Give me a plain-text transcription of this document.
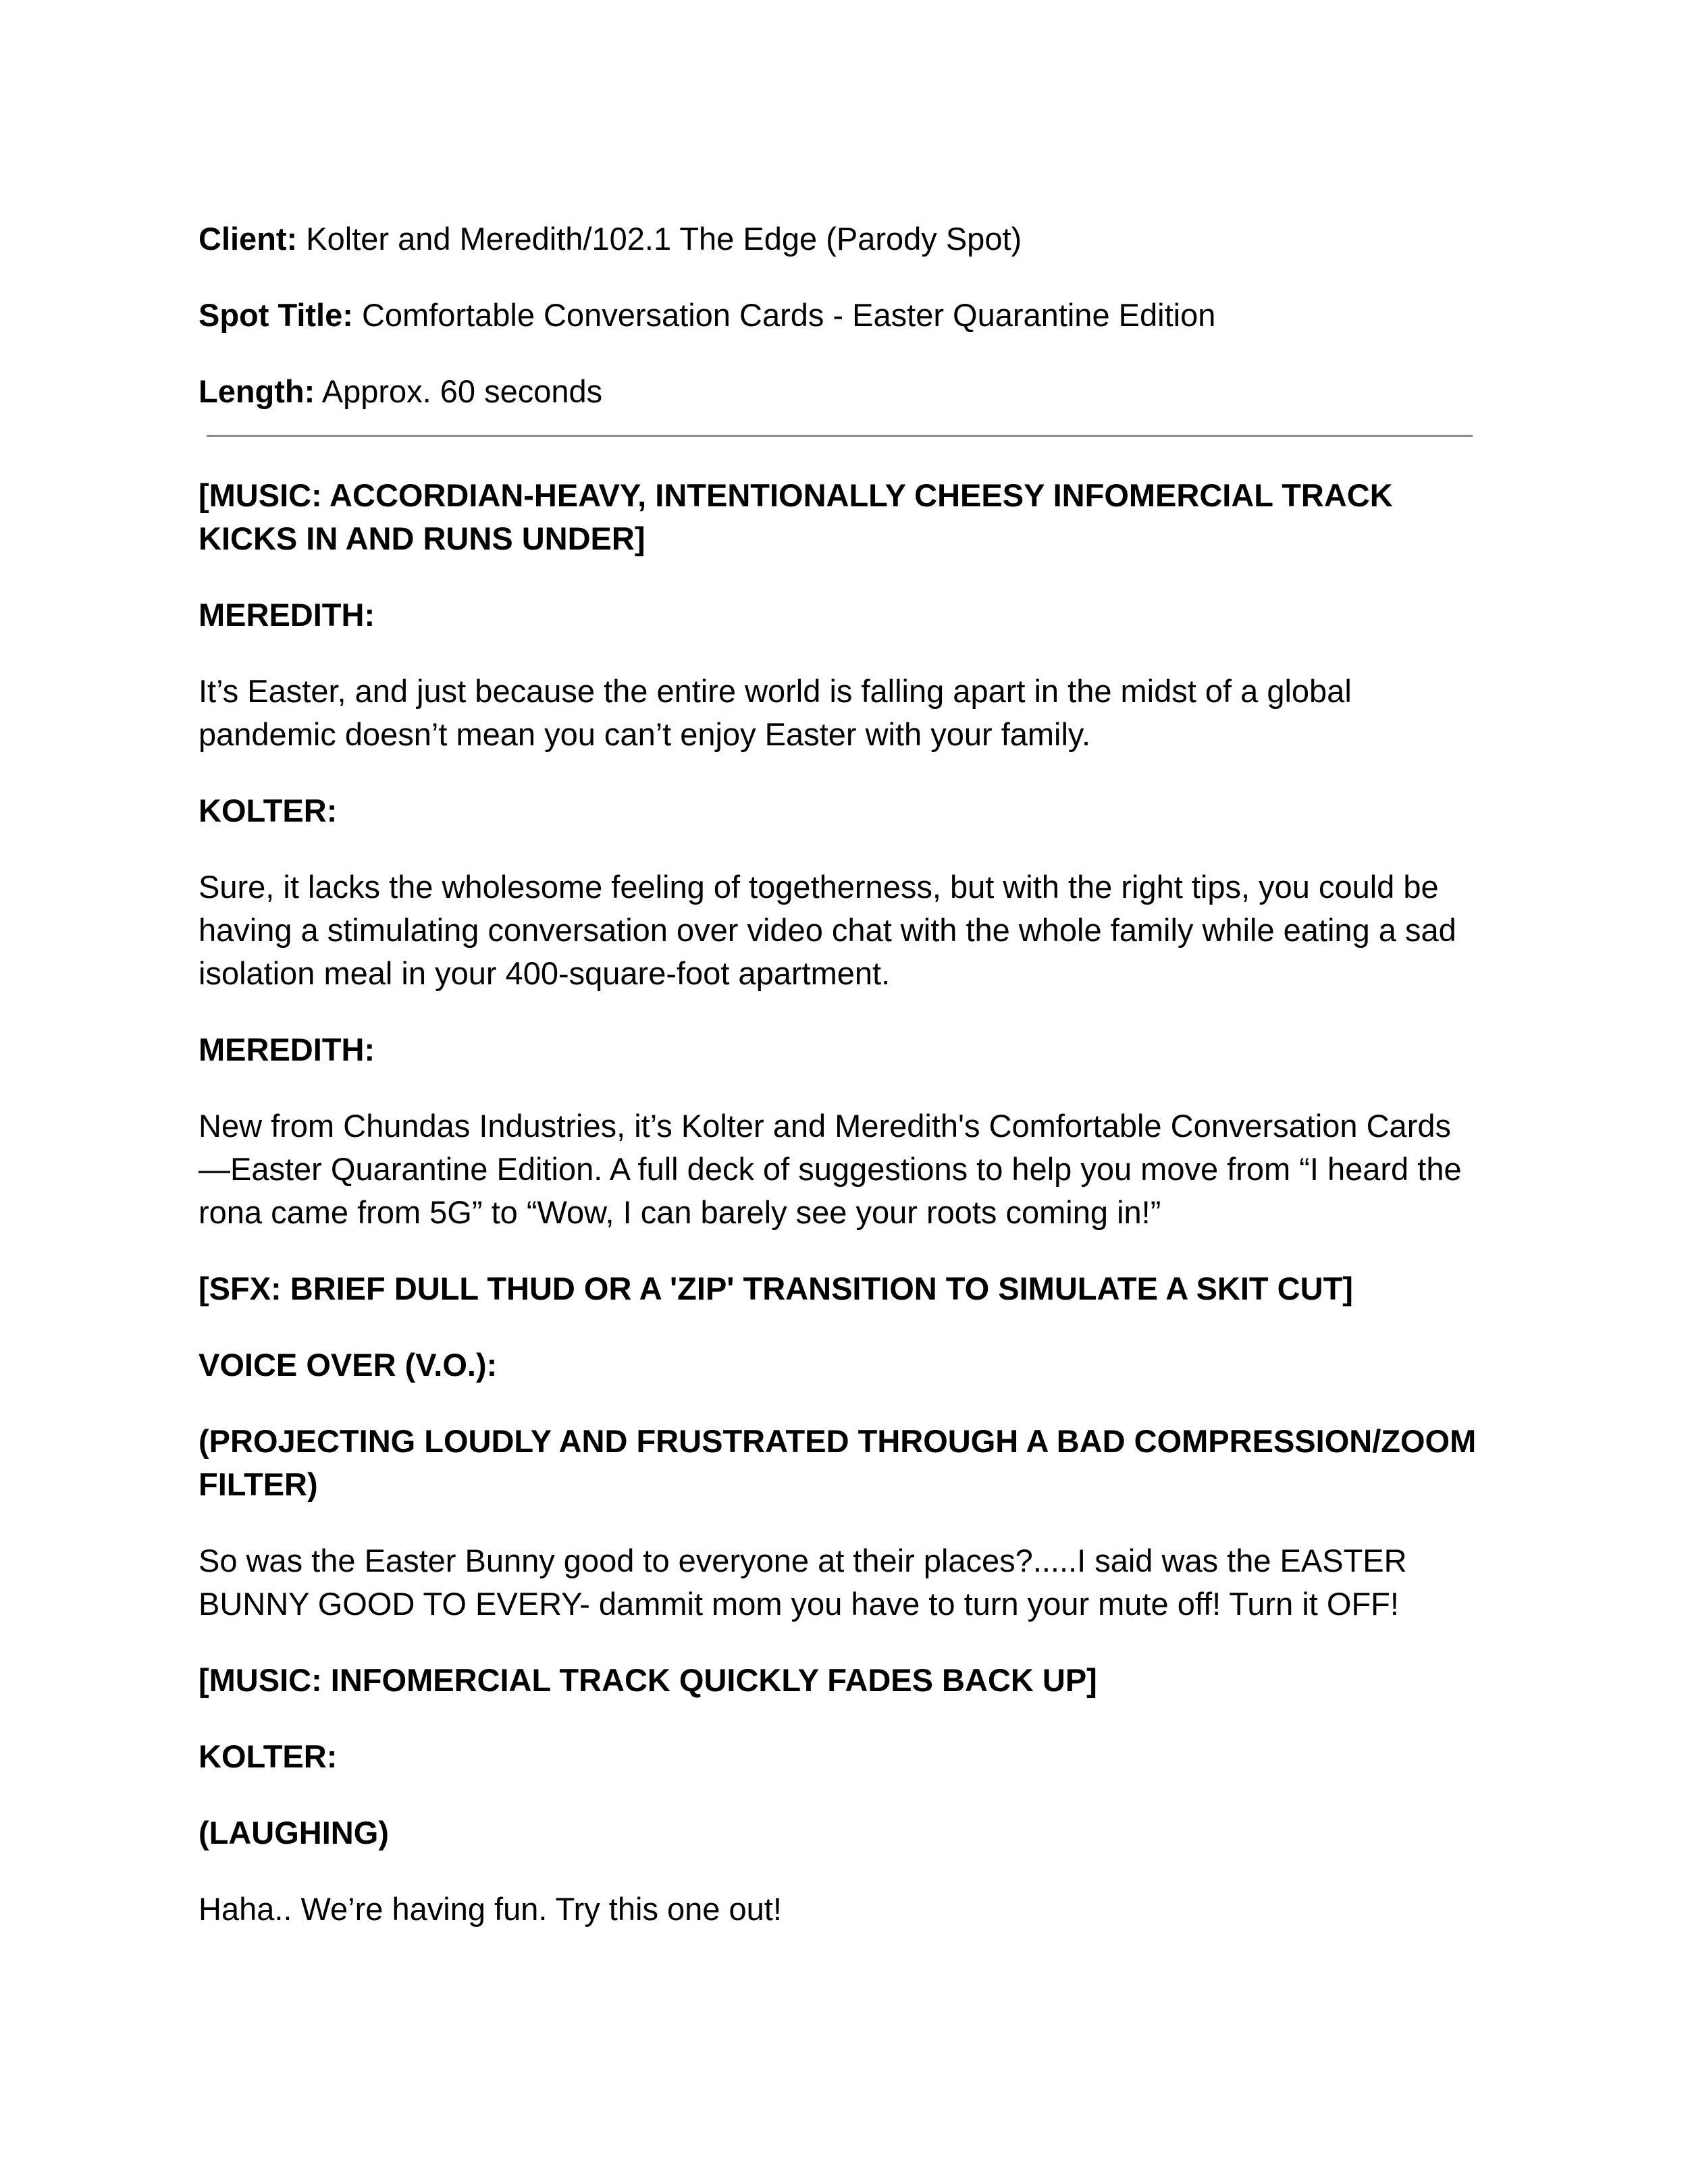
Client: Kolter and Meredith/102.1 The Edge (Parody Spot)

Spot Title: Comfortable Conversation Cards - Easter Quarantine Edition

Length: Approx. 60 seconds

[MUSIC: ACCORDIAN-HEAVY, INTENTIONALLY CHEESY INFOMERCIAL TRACK KICKS IN AND RUNS UNDER]

MEREDITH:

It’s Easter, and just because the entire world is falling apart in the midst of a global pandemic doesn’t mean you can’t enjoy Easter with your family.

KOLTER:

Sure, it lacks the wholesome feeling of togetherness, but with the right tips, you could be having a stimulating conversation over video chat with the whole family while eating a sad isolation meal in your 400-square-foot apartment.

MEREDITH:

New from Chundas Industries, it’s Kolter and Meredith's Comfortable Conversation Cards—Easter Quarantine Edition. A full deck of suggestions to help you move from “I heard the rona came from 5G” to “Wow, I can barely see your roots coming in!”

[SFX: BRIEF DULL THUD OR A 'ZIP' TRANSITION TO SIMULATE A SKIT CUT]

VOICE OVER (V.O.):

(PROJECTING LOUDLY AND FRUSTRATED THROUGH A BAD COMPRESSION/ZOOM FILTER)

So was the Easter Bunny good to everyone at their places?.....I said was the EASTER BUNNY GOOD TO EVERY- dammit mom you have to turn your mute off! Turn it OFF!

[MUSIC: INFOMERCIAL TRACK QUICKLY FADES BACK UP]

KOLTER:

(LAUGHING)

Haha.. We’re having fun. Try this one out!
